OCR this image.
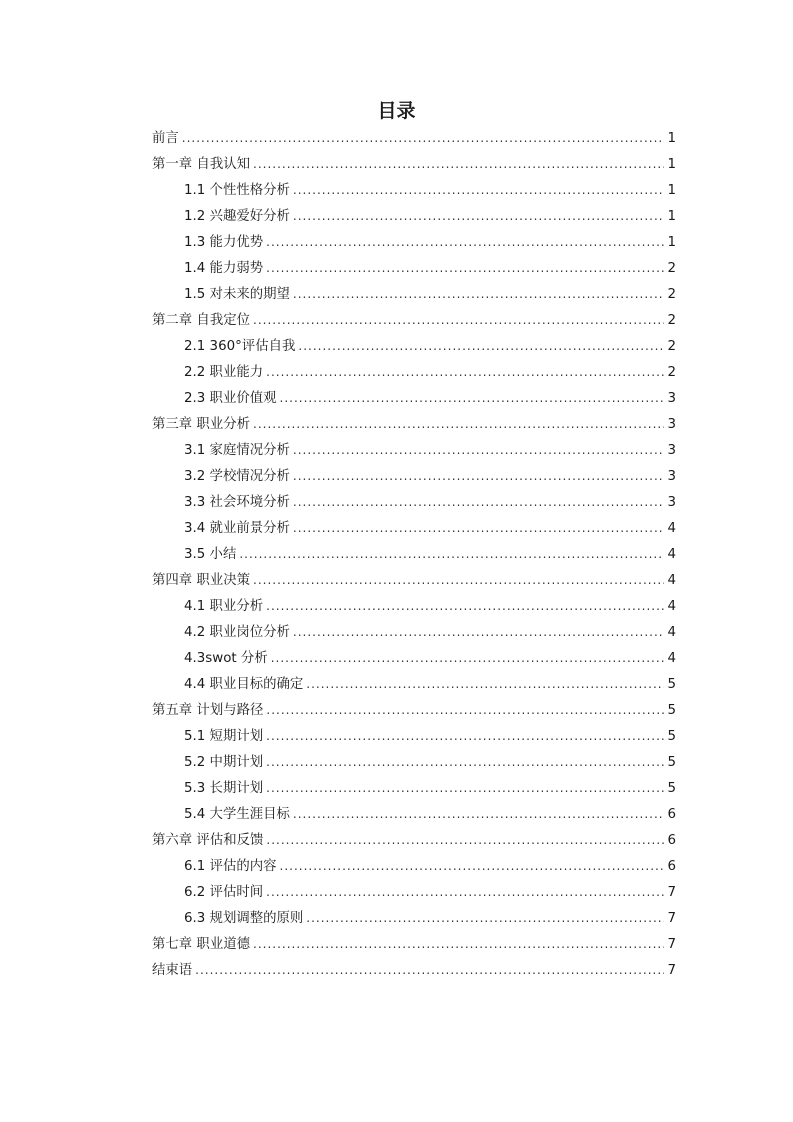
目录
前言 .....	1
第一章 自我认知 .....	1
1.1 个性性格分析 .....	1
1.2 兴趣爱好分析 .....	1
1.3 能力优势 .....	1
1.4 能力弱势 .....	2
1.5 对未来的期望 .....	2
第二章 自我定位 .....	2
2.1 360°评估自我 .....	2
2.2 职业能力 .....	2
2.3 职业价值观 .....	3
第三章 职业分析 .....	3
3.1 家庭情况分析 .....	3
3.2 学校情况分析 .....	3
3.3 社会环境分析 .....	3
3.4 就业前景分析 .....	4
3.5 小结 .....	4
第四章 职业决策 .....	4
4.1 职业分析 .....	4
4.2 职业岗位分析 .....	4
4.3swot 分析 .....	4
4.4 职业目标的确定 .....	5
第五章 计划与路径 .....	5
5.1 短期计划 .....	5
5.2 中期计划 .....	5
5.3 长期计划 .....	5
5.4 大学生涯目标 .....	6
第六章 评估和反馈 .....	6
6.1 评估的内容 .....	6
6.2 评估时间 .....	7
6.3 规划调整的原则 .....	7
第七章 职业道德 .....	7
结束语 .....	7
